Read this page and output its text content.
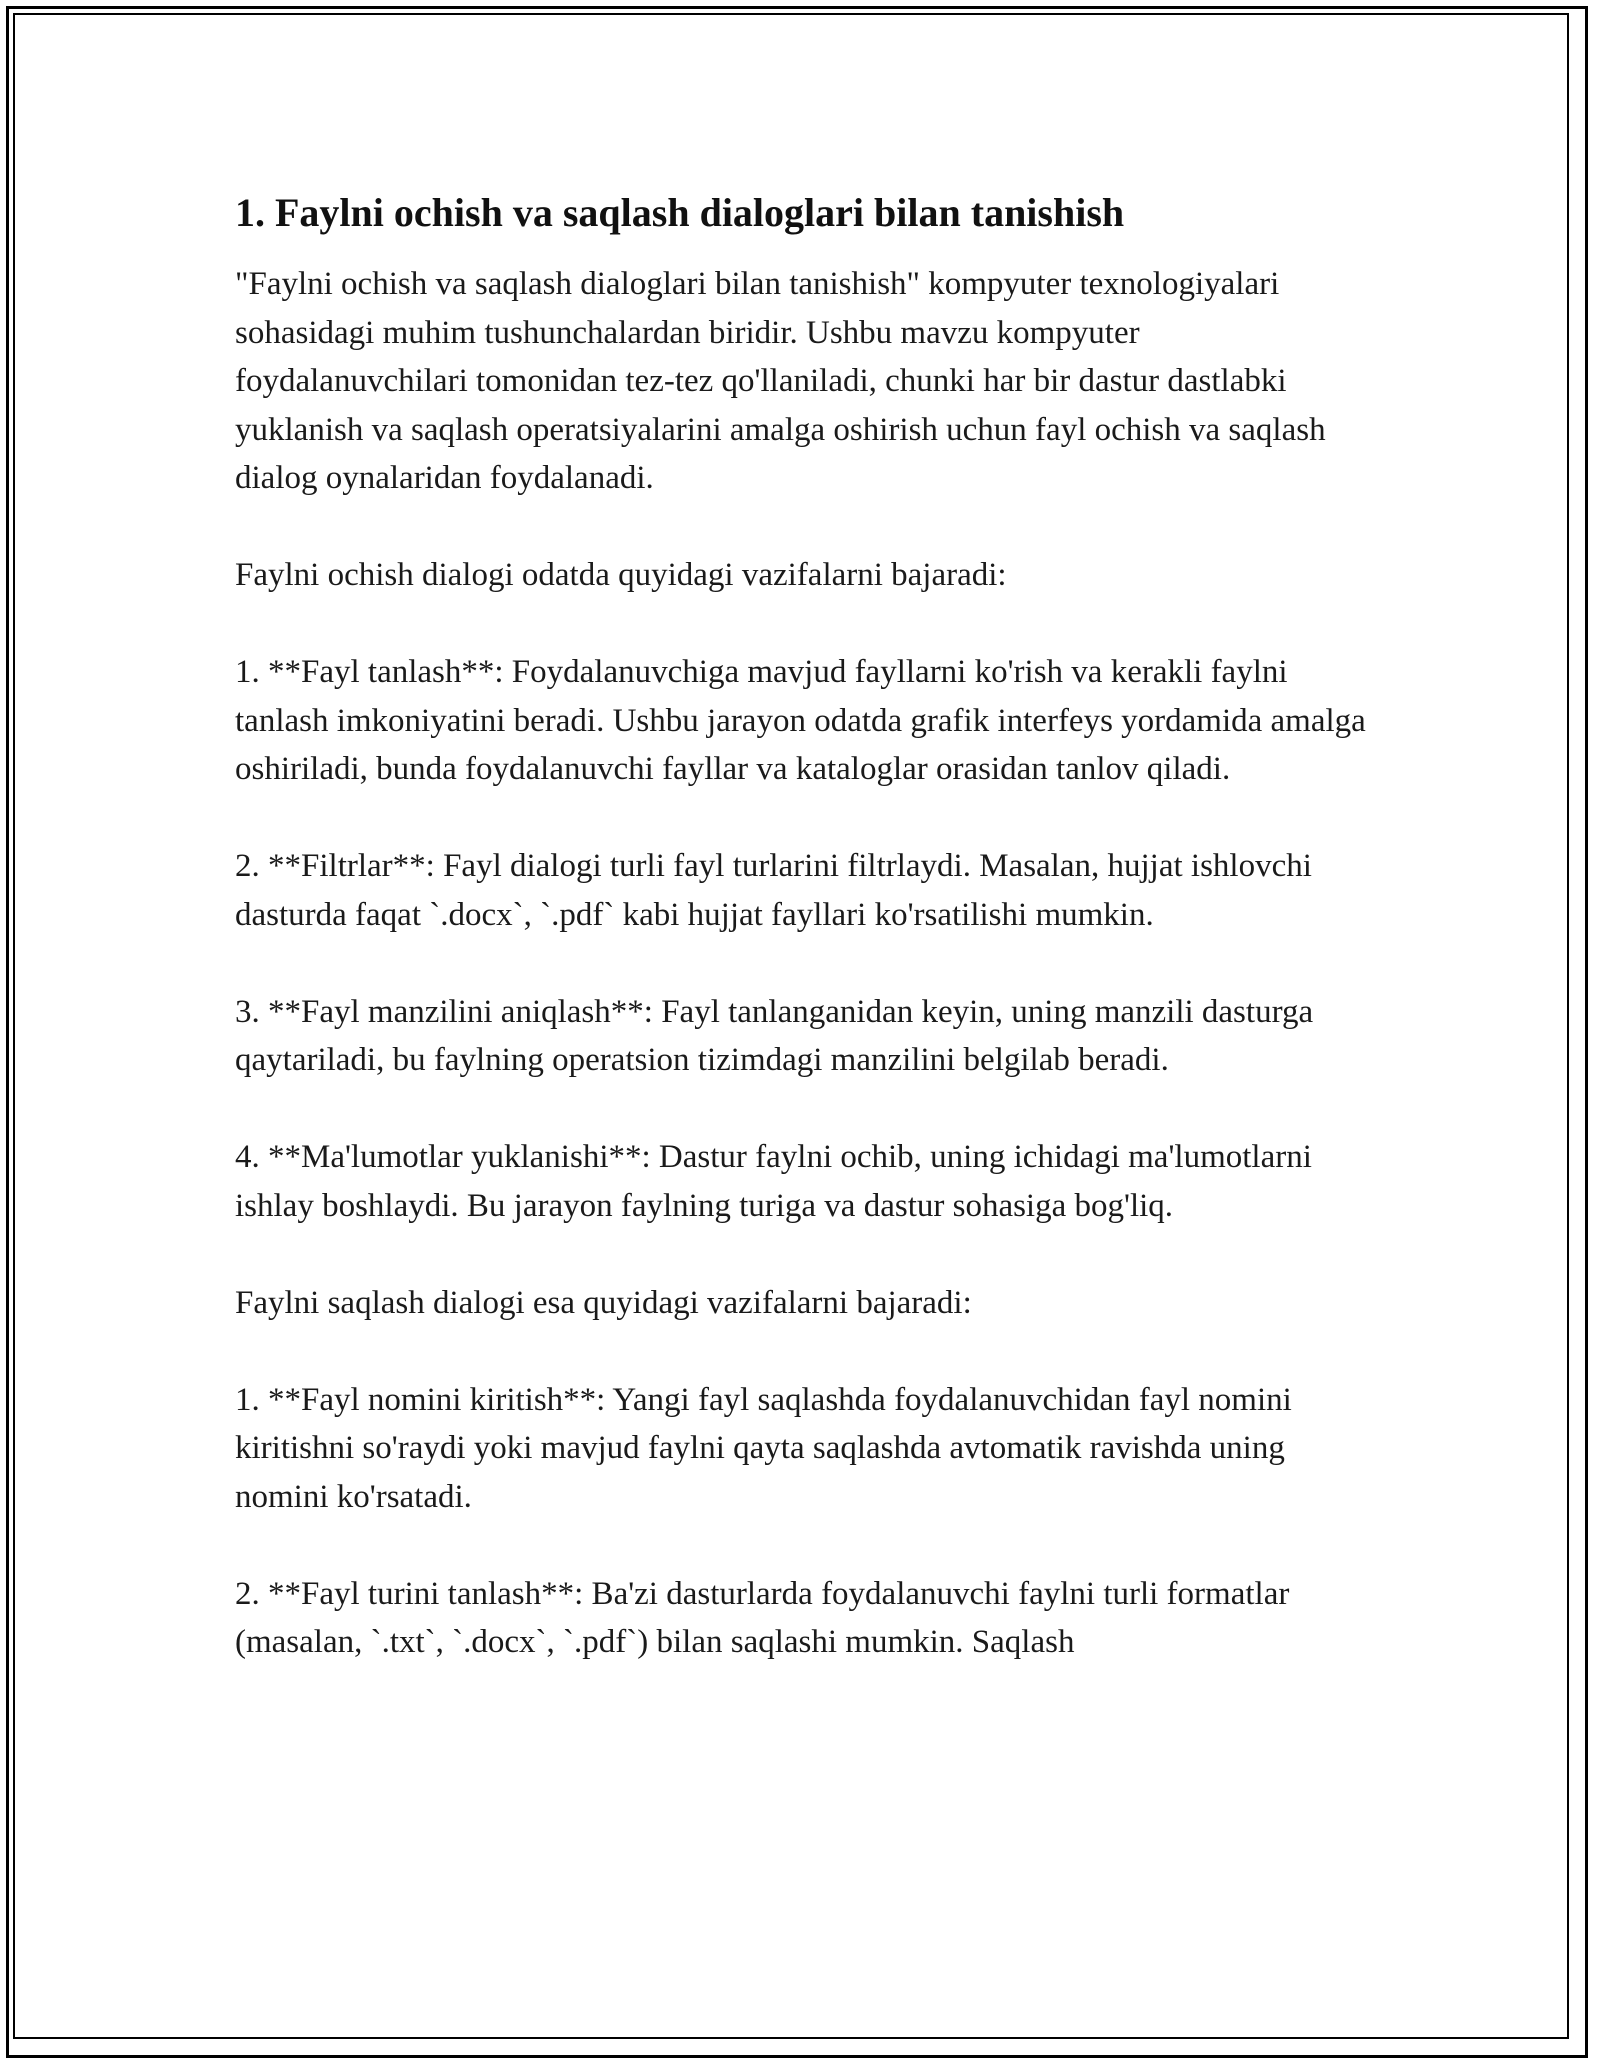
1. Faylni ochish va saqlash dialoglari bilan tanishish

"Faylni ochish va saqlash dialoglari bilan tanishish" kompyuter texnologiyalari sohasidagi muhim tushunchalardan biridir. Ushbu mavzu kompyuter foydalanuvchilari tomonidan tez-tez qo'llaniladi, chunki har bir dastur dastlabki yuklanish va saqlash operatsiyalarini amalga oshirish uchun fayl ochish va saqlash dialog oynalaridan foydalanadi.

Faylni ochish dialogi odatda quyidagi vazifalarni bajaradi:

1. **Fayl tanlash**: Foydalanuvchiga mavjud fayllarni ko'rish va kerakli faylni tanlash imkoniyatini beradi. Ushbu jarayon odatda grafik interfeys yordamida amalga oshiriladi, bunda foydalanuvchi fayllar va kataloglar orasidan tanlov qiladi.

2. **Filtrlar**: Fayl dialogi turli fayl turlarini filtrlaydi. Masalan, hujjat ishlovchi dasturda faqat `.docx`, `.pdf` kabi hujjat fayllari ko'rsatilishi mumkin.

3. **Fayl manzilini aniqlash**: Fayl tanlanganidan keyin, uning manzili dasturga qaytariladi, bu faylning operatsion tizimdagi manzilini belgilab beradi.

4. **Ma'lumotlar yuklanishi**: Dastur faylni ochib, uning ichidagi ma'lumotlarni ishlay boshlaydi. Bu jarayon faylning turiga va dastur sohasiga bog'liq.

Faylni saqlash dialogi esa quyidagi vazifalarni bajaradi:

1. **Fayl nomini kiritish**: Yangi fayl saqlashda foydalanuvchidan fayl nomini kiritishni so'raydi yoki mavjud faylni qayta saqlashda avtomatik ravishda uning nomini ko'rsatadi.

2. **Fayl turini tanlash**: Ba'zi dasturlarda foydalanuvchi faylni turli formatlar (masalan, `.txt`, `.docx`, `.pdf`) bilan saqlashi mumkin. Saqlash
